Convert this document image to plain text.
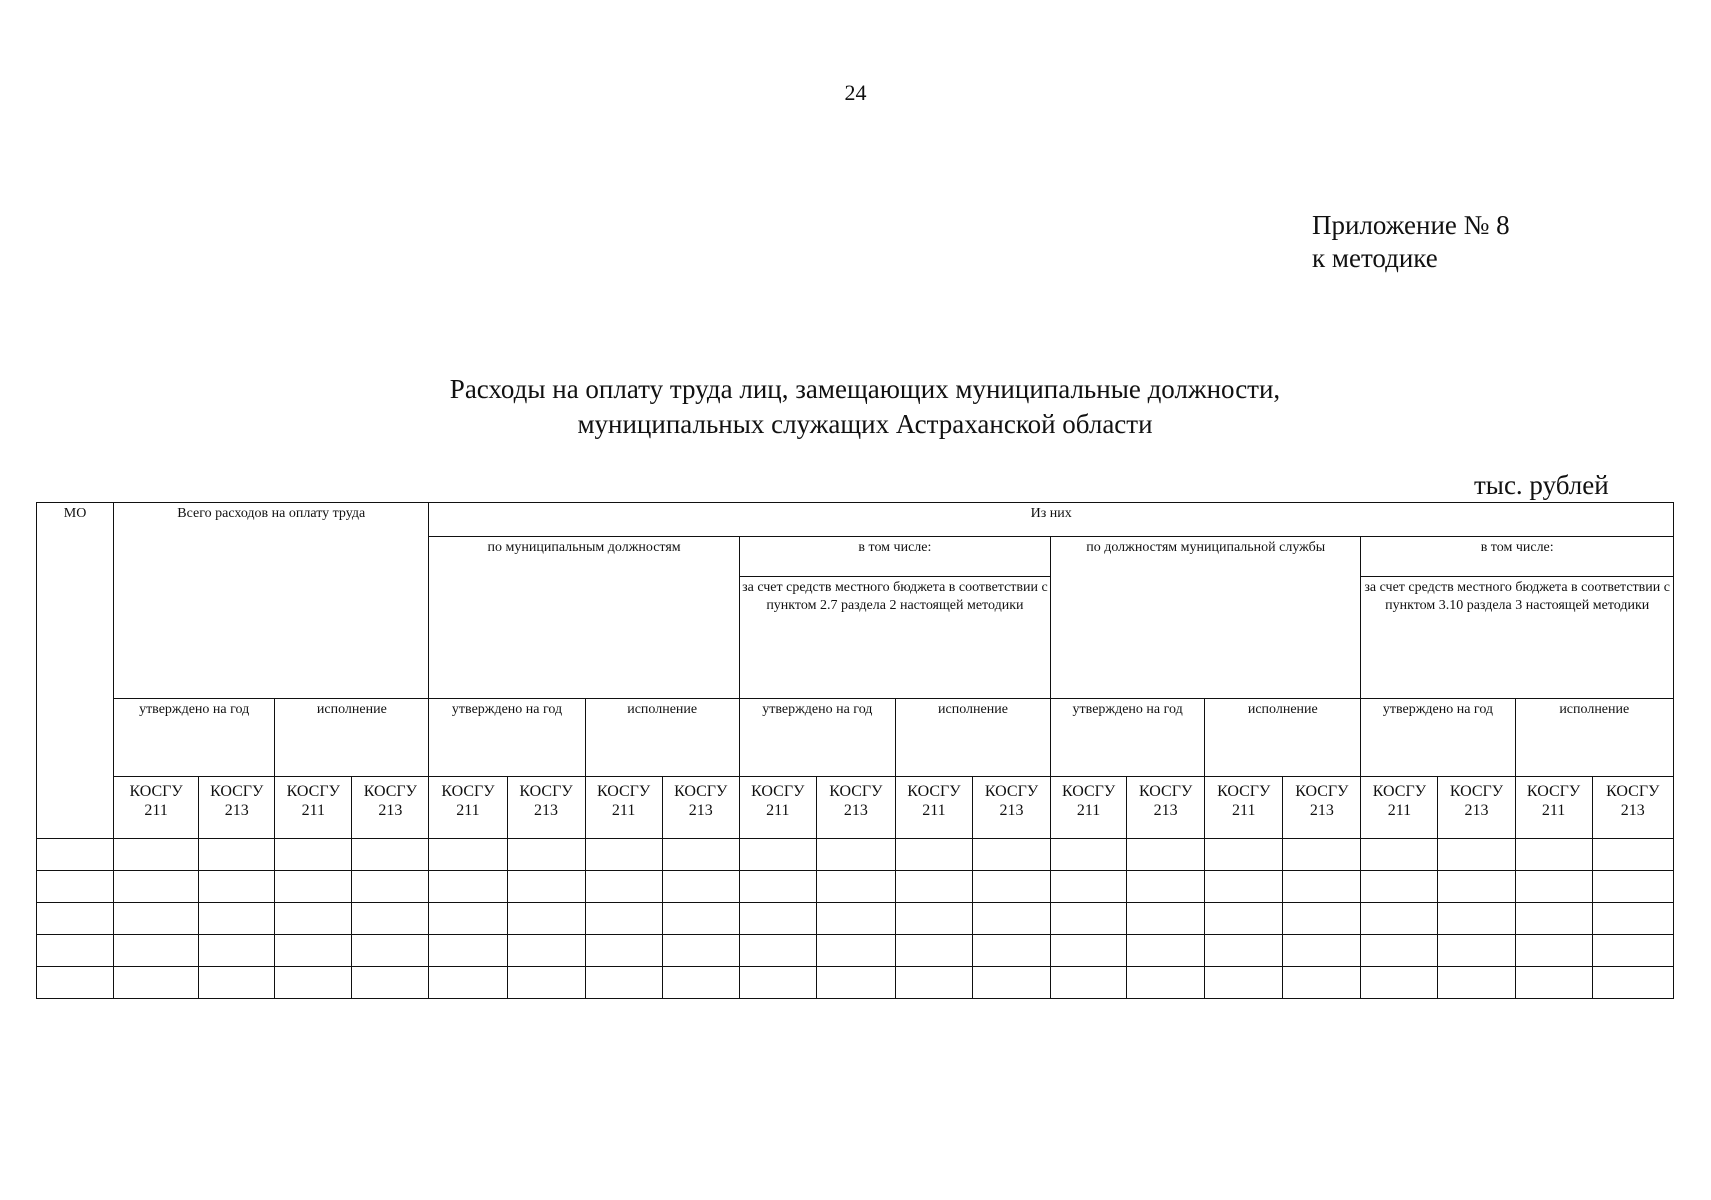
24
Приложение № 8
к методике
Расходы на оплату труда лиц, замещающих муниципальные должности,
муниципальных служащих Астраханской области
тыс. рублей
МО	Всего расходов на оплату труда				Из них															
					по муниципальным должностям				в том числе:				по должностям муниципальной службы				в том числе:			
									за счет средств местного бюджета в соответствии с пунктом 2.7 раздела 2 настоящей методики								за счет средств местного бюджета в соответствии с пунктом 3.10 раздела 3 настоящей методики			
	утверждено на год		исполнение		утверждено на год		исполнение		утверждено на год		исполнение		утверждено на год		исполнение		утверждено на год		исполнение	
	КОСГУ 211	КОСГУ 213	КОСГУ 211	КОСГУ 213	КОСГУ 211	КОСГУ 213	КОСГУ 211	КОСГУ 213	КОСГУ 211	КОСГУ 213	КОСГУ 211	КОСГУ 213	КОСГУ 211	КОСГУ 213	КОСГУ 211	КОСГУ 213	КОСГУ 211	КОСГУ 213	КОСГУ 211	КОСГУ 213
